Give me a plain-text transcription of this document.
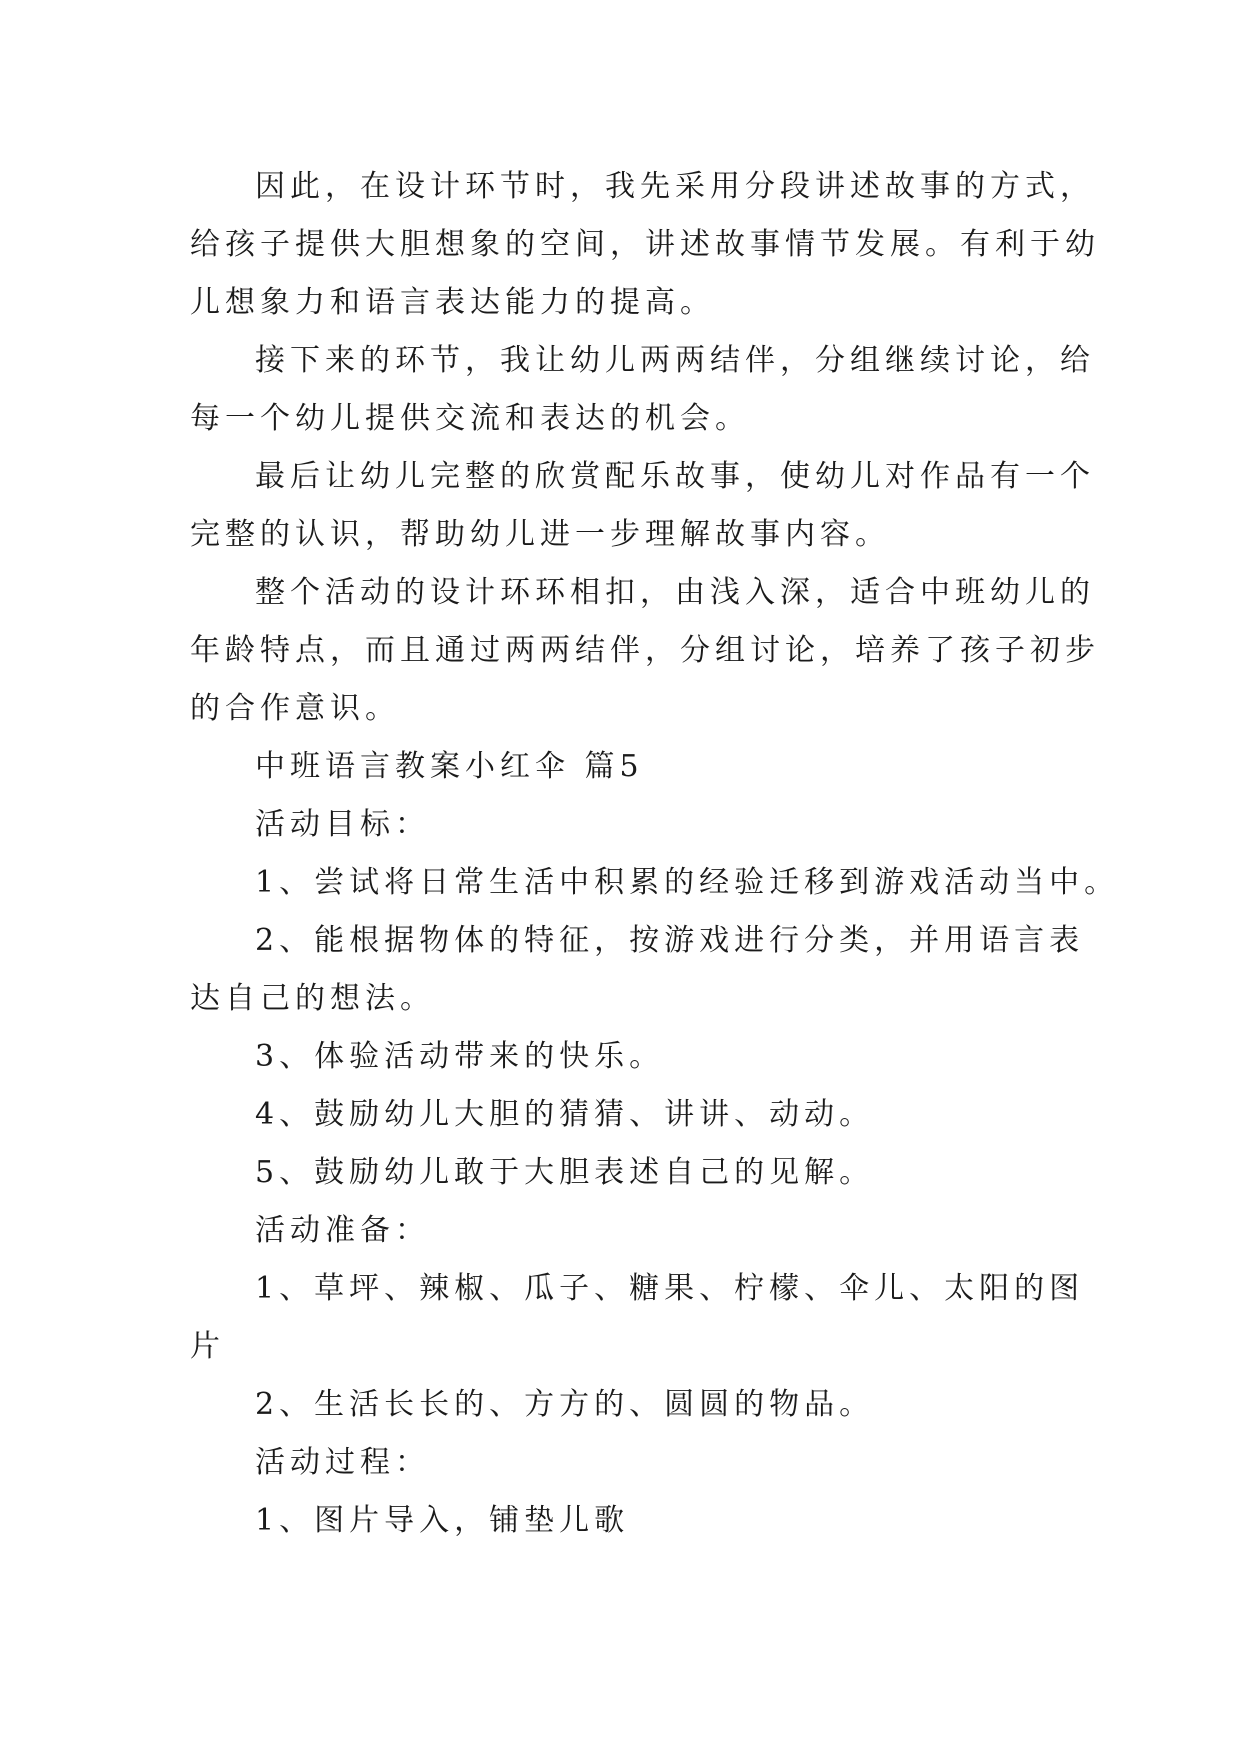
因此，在设计环节时，我先采用分段讲述故事的方式，
给孩子提供大胆想象的空间，讲述故事情节发展。有利于幼
儿想象力和语言表达能力的提高。
接下来的环节，我让幼儿两两结伴，分组继续讨论，给
每一个幼儿提供交流和表达的机会。
最后让幼儿完整的欣赏配乐故事，使幼儿对作品有一个
完整的认识，帮助幼儿进一步理解故事内容。
整个活动的设计环环相扣，由浅入深，适合中班幼儿的
年龄特点，而且通过两两结伴，分组讨论，培养了孩子初步
的合作意识。
中班语言教案小红伞 篇5
活动目标：
1、尝试将日常生活中积累的经验迁移到游戏活动当中。
2、能根据物体的特征，按游戏进行分类，并用语言表
达自己的想法。
3、体验活动带来的快乐。
4、鼓励幼儿大胆的猜猜、讲讲、动动。
5、鼓励幼儿敢于大胆表述自己的见解。
活动准备：
1、草坪、辣椒、瓜子、糖果、柠檬、伞儿、太阳的图
片
2、生活长长的、方方的、圆圆的物品。
活动过程：
1、图片导入，铺垫儿歌
